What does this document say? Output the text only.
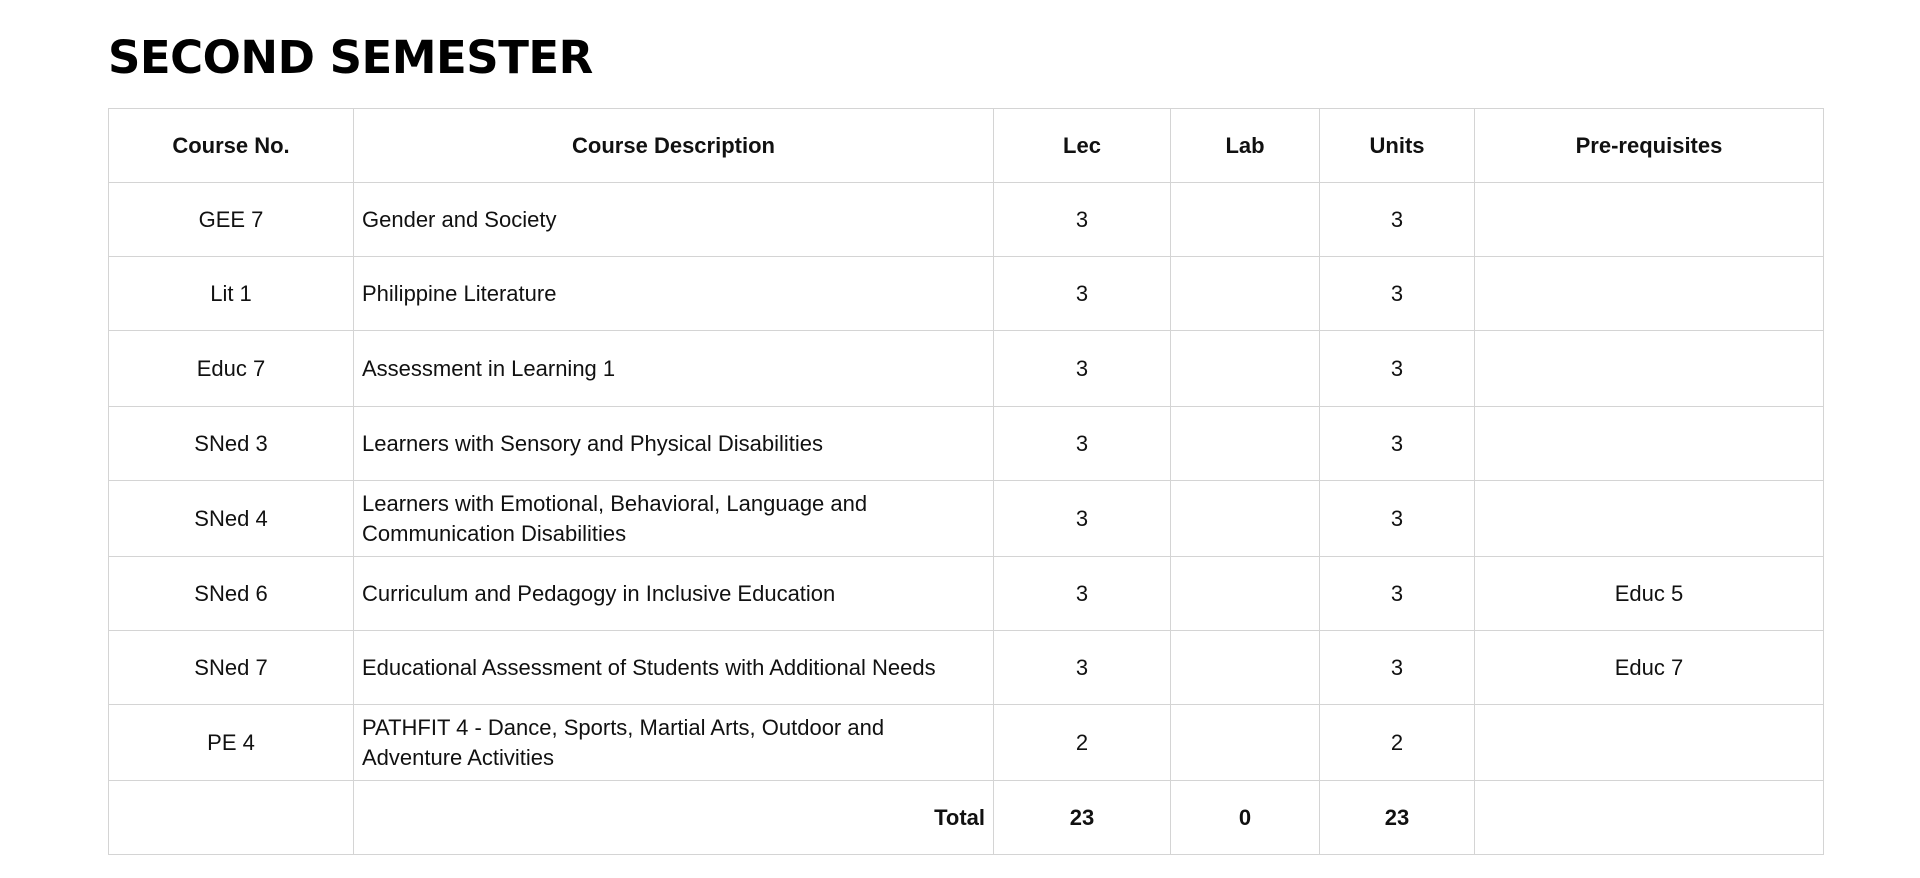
SECOND SEMESTER
Course No.	Course Description	Lec	Lab	Units	Pre-requisites
GEE 7	Gender and Society	3		3	
Lit 1	Philippine Literature	3		3	
Educ 7	Assessment in Learning 1	3		3	
SNed 3	Learners with Sensory and Physical Disabilities	3		3	
SNed 4	Learners with Emotional, Behavioral, Language and Communication Disabilities	3		3	
SNed 6	Curriculum and Pedagogy in Inclusive Education	3		3	Educ 5
SNed 7	Educational Assessment of Students with Additional Needs	3		3	Educ 7
PE 4	PATHFIT 4 - Dance, Sports, Martial Arts, Outdoor and Adventure Activities	2		2	
	Total	23	0	23	
